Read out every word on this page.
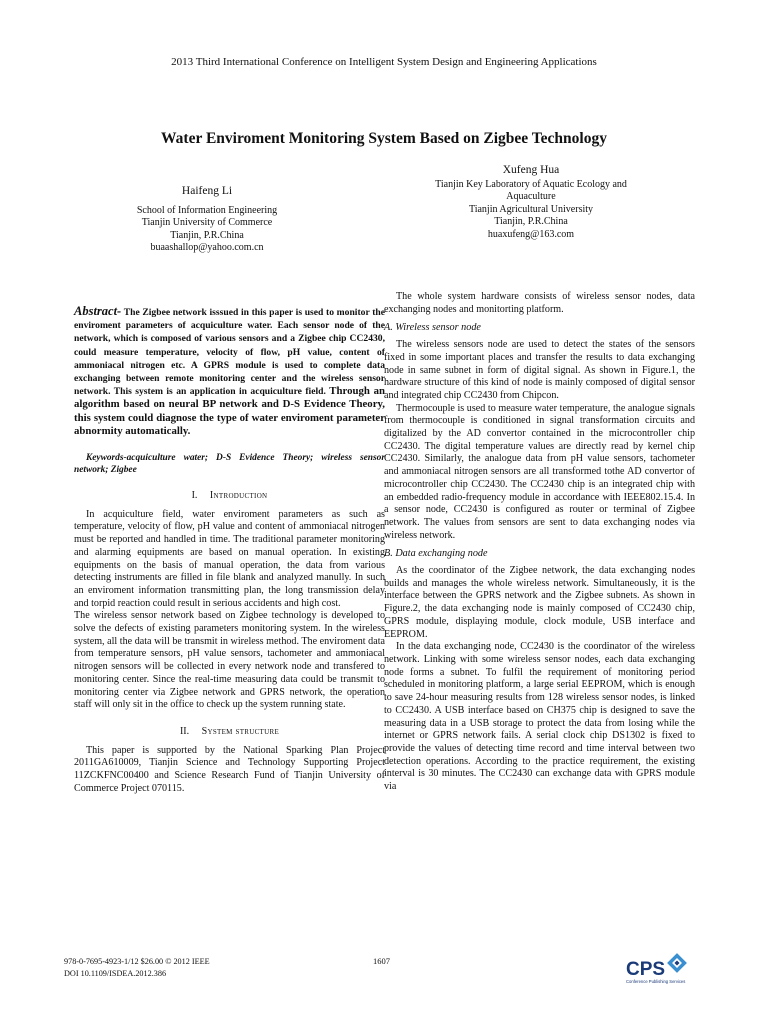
2013 Third International Conference on Intelligent System Design and Engineering Applications
Water Enviroment Monitoring System Based on Zigbee Technology
Haifeng Li
School of Information Engineering
Tianjin University of Commerce
Tianjin, P.R.China
buaashallop@yahoo.com.cn
Xufeng Hua
Tianjin Key Laboratory of Aquatic Ecology and
Aquaculture
Tianjin Agricultural University
Tianjin, P.R.China
huaxufeng@163.com

Abstract- The Zigbee network isssued in this paper is used to monitor the enviroment parameters of acquiculture water. Each sensor node of the network, which is composed of various sensors and a Zigbee chip CC2430, could measure temperature, velocity of flow, pH value, content of ammoniacal nitrogen etc. A GPRS module is used to complete data exchanging between remote monitoring center and the wireless sensor network. This system is an application in acquiculture field. Through an algorithm based on neural BP network and D-S Evidence Theory, this system could diagnose the type of water enviroment parameter abnormity automatically.

Keywords-acquiculture water; D-S Evidence Theory; wireless sensor network; Zigbee

I. Introduction

In acquiculture field, water enviroment parameters as such as temperature, velocity of flow, pH value and content of ammoniacal nitrogen must be reported and handled in time. The traditional parameter monitoring and alarming equipments are based on manual operation. In existing equipments on the basis of manual operation, the data from various detecting instruments are filled in file blank and analyzed manully. In such an enviroment information transmitting plan, the long transmission delay and torpid reaction could result in serious accidents and high cost.

The wireless sensor network based on Zigbee technology is developed to solve the defects of existing parameters monitoring system. In the wireless system, all the data will be transmit in wireless method. The enviroment data from temperature sensors, pH value sensors, tachometer and ammoniacal nitrogen sensors will be collected in every network node and transfered to monitoring center. Since the real-time measuring data could be transmit to monitoring center via Zigbee network and GPRS network, the operation staff will only sit in the office to check up the system running state.

II. System structure

This paper is supported by the National Sparking Plan Project 2011GA610009, Tianjin Science and Technology Supporting Project 11ZCKFNC00400 and Science Research Fund of Tianjin University of Commerce Project 070115.

The whole system hardware consists of wireless sensor nodes, data exchanging nodes and monitorting platform.

A. Wireless sensor node

The wireless sensors node are used to detect the states of the sensors fixed in some important places and transfer the results to data exchanging node in same subnet in form of digital signal. As shown in Figure.1, the hardware structure of this kind of node is mainly composed of digital sensor and integrated chip CC2430 from Chipcon.

Thermocouple is used to measure water temperature, the analogue signals from thermocouple is conditioned in signal transformation circuits and digitalized by the AD convertor contained in the microcontroller chip CC2430. The digital temperature values are directly read by kernel chip CC2430. Similarly, the analogue data from pH value sensors, tachometer and ammoniacal nitrogen sensors are all transformed tothe AD convertor of microcontroller chip CC2430. The CC2430 chip is an integrated chip with an embedded radio-frequency module in accordance with IEEE802.15.4. In a sensor node, CC2430 is configured as router or terminal of Zigbee network. The values from sensors are sent to data exchanging nodes via wireless network.

B. Data exchanging node

As the coordinator of the Zigbee network, the data exchanging nodes builds and manages the whole wireless network. Simultaneously, it is the interface between the GPRS network and the Zigbee subnets. As shown in Figure.2, the data exchanging node is mainly composed of CC2430 chip, GPRS module, displaying module, clock module, USB interface and EEPROM.

In the data exchanging node, CC2430 is the coordinator of the wireless network. Linking with some wireless sensor nodes, each data exchanging node forms a subnet. To fulfil the requirement of monitoring period scheduled in monitoring platform, a large serial EEPROM, which is enough to save 24-hour measuring results from 128 wireless sensor nodes, is linked to CC2430. A USB interface based on CH375 chip is designed to save the measuring data in a USB storage to protect the data from losing while the internet or GPRS network fails. A serial clock chip DS1302 is fixed to provide the values of detecting time record and time interval between two detection operations. According to the practice requirement, the existing interval is 30 minutes. The CC2430 can exchange data with GPRS module via

978-0-7695-4923-1/12 $26.00 © 2012 IEEE
DOI 10.1109/ISDEA.2012.386
1607	CPS
Conference Publishing Services
